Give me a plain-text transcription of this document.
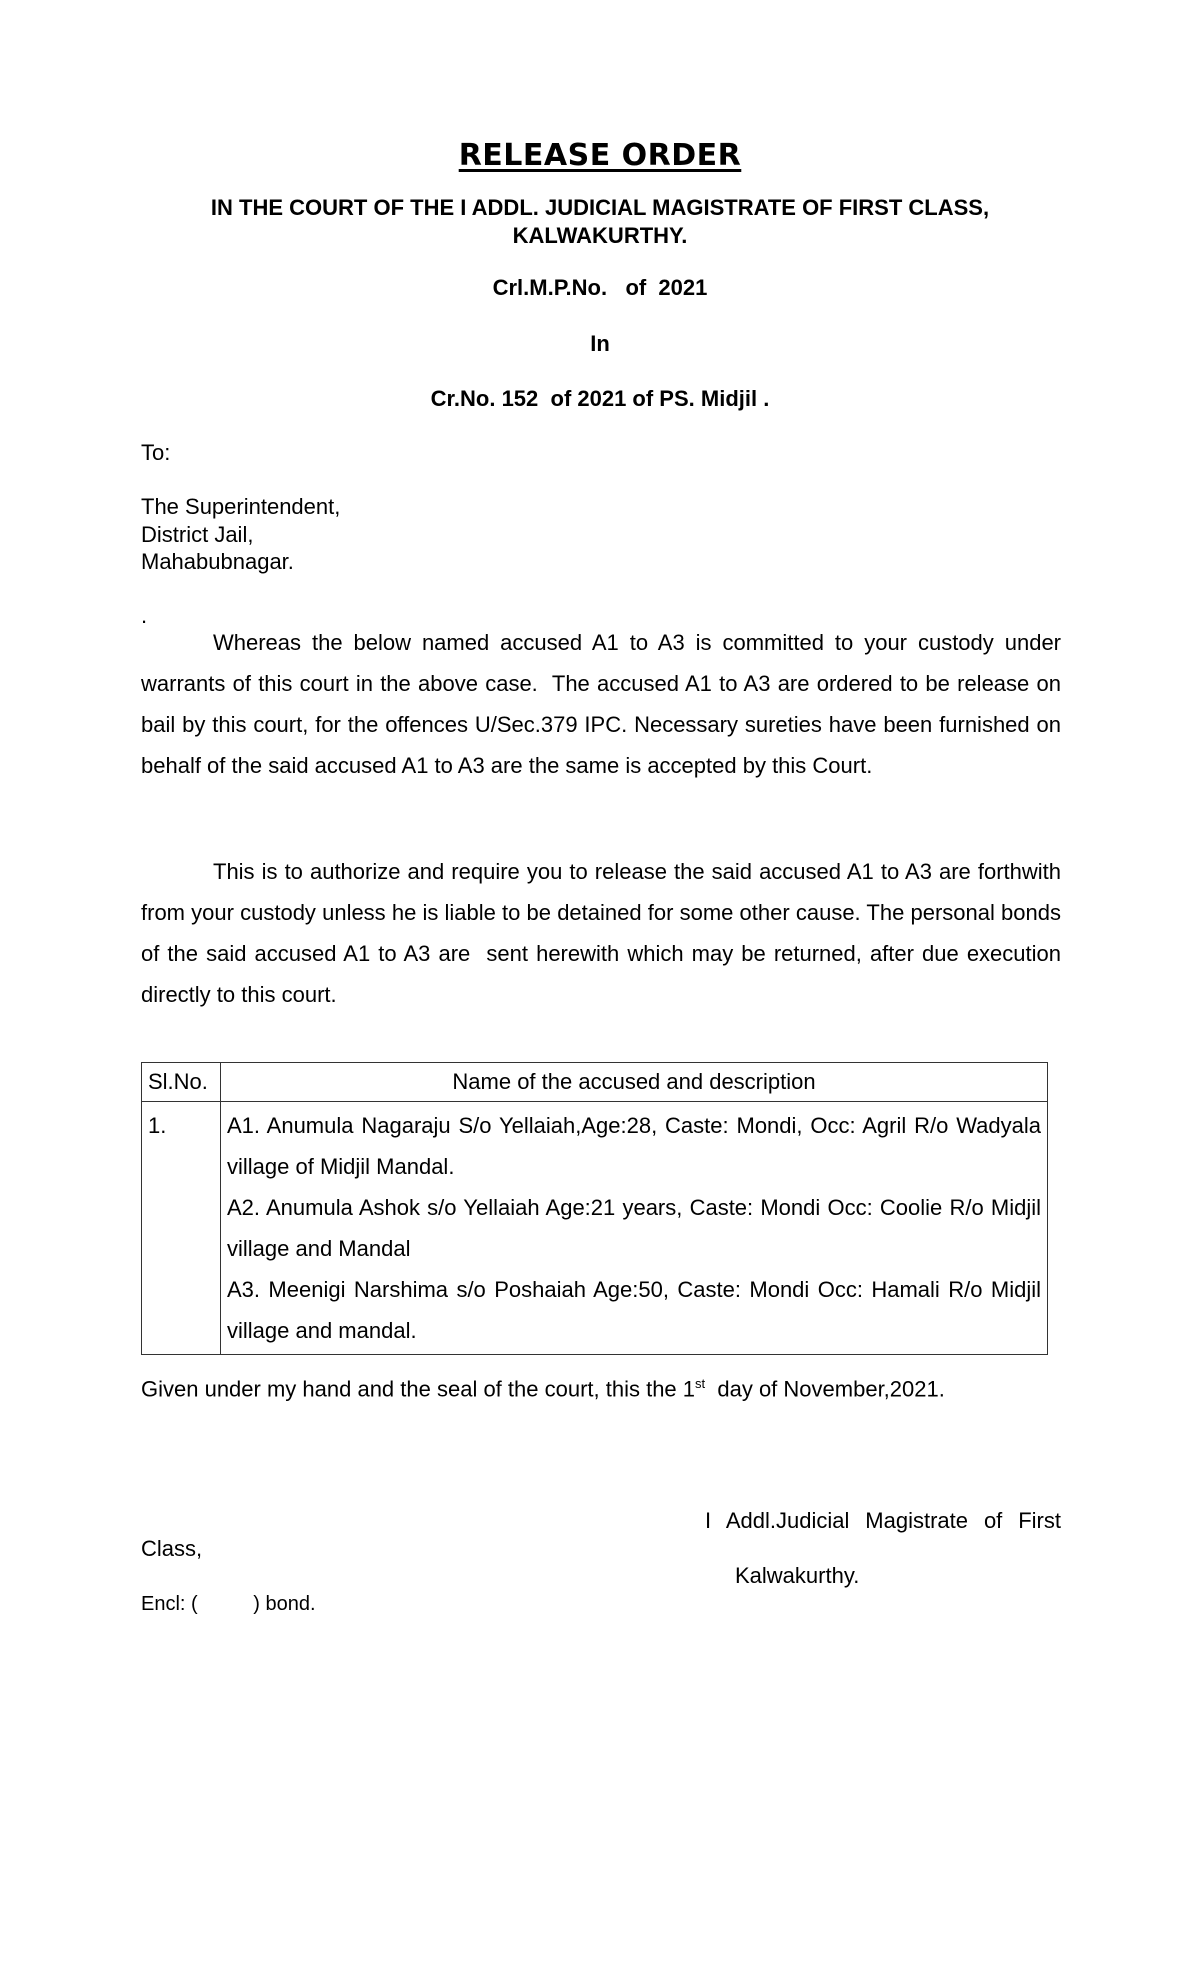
RELEASE ORDER

IN THE COURT OF THE I ADDL. JUDICIAL MAGISTRATE OF FIRST CLASS,

KALWAKURTHY.

Crl.M.P.No.   of  2021

In

Cr.No. 152  of 2021 of PS. Midjil .

To:

The Superintendent,

District Jail,

Mahabubnagar.

.

Whereas the below named accused A1 to A3 is committed to your custody under warrants of this court in the above case.  The accused A1 to A3 are ordered to be release on bail by this court, for the offences U/Sec.379 IPC. Necessary sureties have been furnished on behalf of the said accused A1 to A3 are the same is accepted by this Court.

This is to authorize and require you to release the said accused A1 to A3 are forthwith from your custody unless he is liable to be detained for some other cause. The personal bonds of the said accused A1 to A3 are  sent herewith which may be returned, after due execution directly to this court.

Sl.No.	Name of the accused and description
1.	A1. Anumula Nagaraju S/o Yellaiah,Age:28, Caste: Mondi, Occ: Agril R/o Wadyala village of Midjil Mandal.
A2. Anumula Ashok s/o Yellaiah Age:21 years, Caste: Mondi Occ: Coolie R/o Midjil village and Mandal
A3. Meenigi Narshima s/o Poshaiah Age:50, Caste: Mondi Occ: Hamali R/o Midjil village and mandal.

Given under my hand and the seal of the court, this the 1st  day of November,2021.

I Addl.Judicial Magistrate of First

Class,

Kalwakurthy.

Encl: (          ) bond.
